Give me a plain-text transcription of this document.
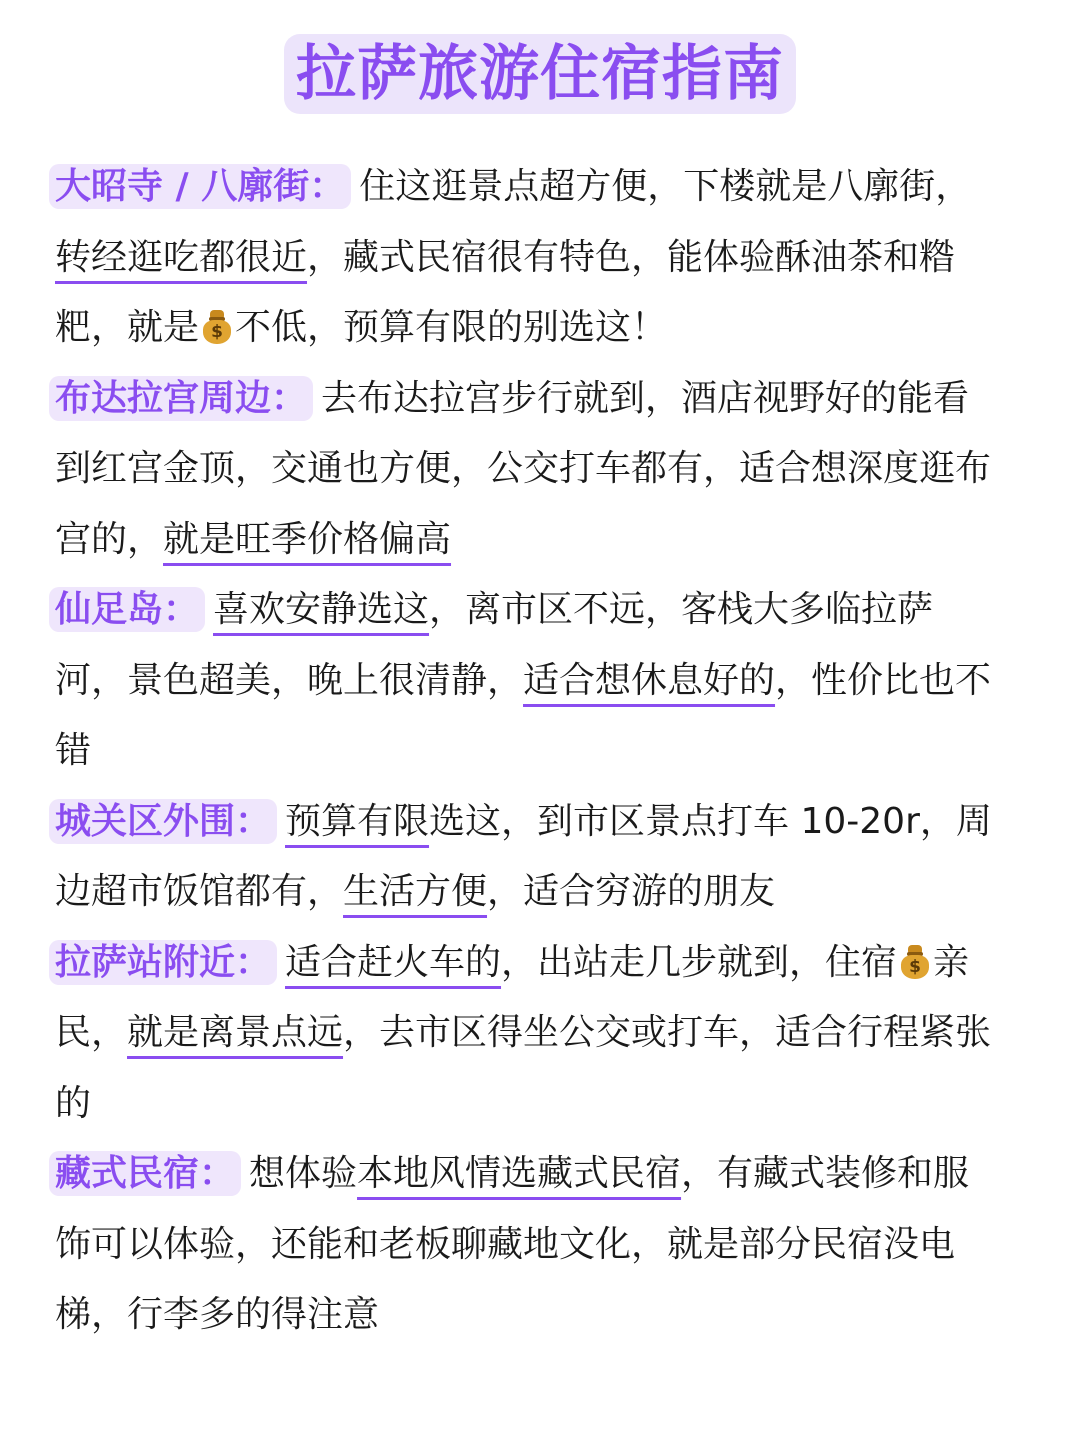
拉萨旅游住宿指南

大昭寺 / 八廓街： 住这逛景点超方便，下楼就是八廓街，转经逛吃都很近，藏式民宿很有特色，能体验酥油茶和糌粑，就是 $ 不低，预算有限的别选这！

布达拉宫周边： 去布达拉宫步行就到，酒店视野好的能看到红宫金顶，交通也方便，公交打车都有，适合想深度逛布宫的，就是旺季价格偏高

仙足岛： 喜欢安静选这，离市区不远，客栈大多临拉萨河，景色超美，晚上很清静，适合想休息好的，性价比也不错

城关区外围： 预算有限选这，到市区景点打车 10-20r，周边超市饭馆都有，生活方便，适合穷游的朋友

拉萨站附近： 适合赶火车的，出站走几步就到，住宿 $ 亲民，就是离景点远，去市区得坐公交或打车，适合行程紧张的

藏式民宿： 想体验本地风情选藏式民宿，有藏式装修和服饰可以体验，还能和老板聊藏地文化，就是部分民宿没电梯，行李多的得注意
